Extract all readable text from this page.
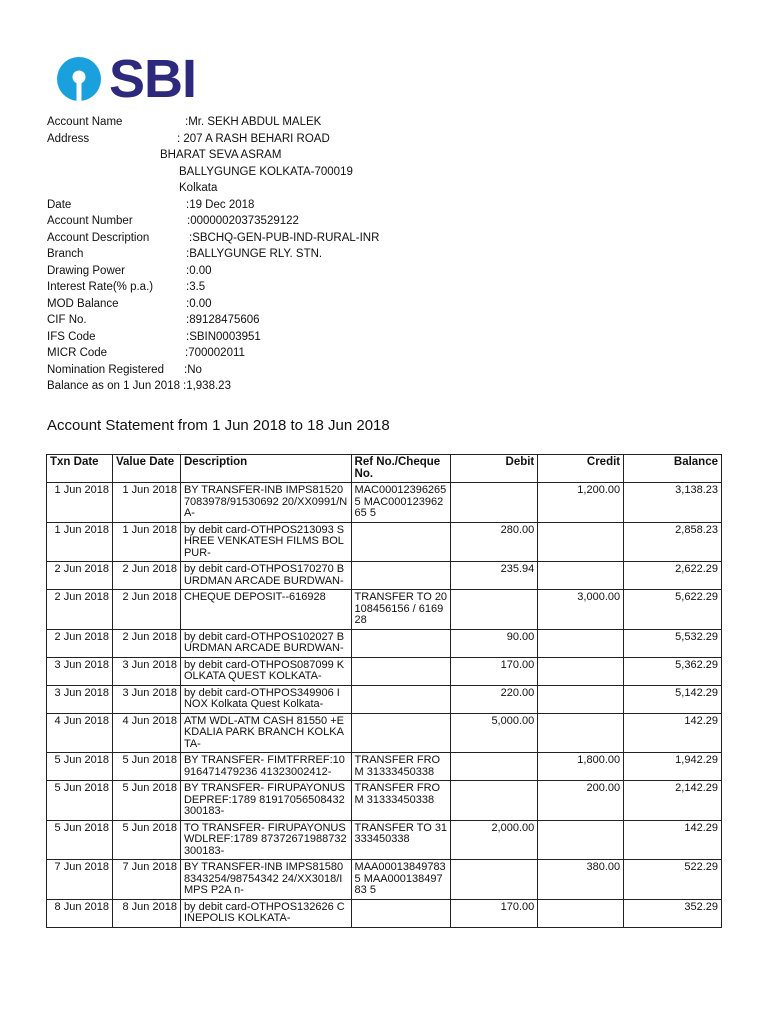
SBI
Account Name	:Mr. SEKH ABDUL MALEK
Address	: 207 A RASH BEHARI ROAD
BHARAT SEVA ASRAM
BALLYGUNGE KOLKATA-700019
Kolkata
Date	:19 Dec 2018
Account Number	:00000020373529122
Account Description	:SBCHQ-GEN-PUB-IND-RURAL-INR
Branch	:BALLYGUNGE RLY. STN.
Drawing Power	:0.00
Interest Rate(% p.a.)	:3.5
MOD Balance	:0.00
CIF No.	:89128475606
IFS Code	:SBIN0003951
MICR Code	:700002011
Nomination Registered :No
Balance as on 1 Jun 2018 :1,938.23
Account Statement from 1 Jun 2018 to 18 Jun 2018
Txn Date	Value Date	Description	Ref No./Cheque No.	Debit	Credit	Balance
1 Jun 2018	1 Jun 2018	BY TRANSFER-INB IMPS815207083978/91530692 20/XX0991/NA-	MAC00012396265 5 MAC00012396265 5		1,200.00	3,138.23
1 Jun 2018	1 Jun 2018	by debit card-OTHPOS213093 SHREE VENKATESH FILMS BOLPUR-		280.00		2,858.23
2 Jun 2018	2 Jun 2018	by debit card-OTHPOS170270 BURDMAN ARCADE BURDWAN-		235.94		2,622.29
2 Jun 2018	2 Jun 2018	CHEQUE DEPOSIT--616928	TRANSFER TO 20108456156 / 616928		3,000.00	5,622.29
2 Jun 2018	2 Jun 2018	by debit card-OTHPOS102027 BURDMAN ARCADE BURDWAN-		90.00		5,532.29
3 Jun 2018	3 Jun 2018	by debit card-OTHPOS087099 KOLKATA QUEST KOLKATA-		170.00		5,362.29
3 Jun 2018	3 Jun 2018	by debit card-OTHPOS349906 INOX Kolkata Quest Kolkata-		220.00		5,142.29
4 Jun 2018	4 Jun 2018	ATM WDL-ATM CASH 81550 +EKDALIA PARK BRANCH KOLKATA-		5,000.00		142.29
5 Jun 2018	5 Jun 2018	BY TRANSFER- FIMTFRREF:10916471479236 41323002412-	TRANSFER FROM 31333450338		1,800.00	1,942.29
5 Jun 2018	5 Jun 2018	BY TRANSFER- FIRUPAYONUSDEPREF:1789 81917056508432300183-	TRANSFER FROM 31333450338		200.00	2,142.29
5 Jun 2018	5 Jun 2018	TO TRANSFER- FIRUPAYONUSWDLREF:1789 87372671988732300183-	TRANSFER TO 31333450338	2,000.00		142.29
7 Jun 2018	7 Jun 2018	BY TRANSFER-INB IMPS815808343254/98754342 24/XX3018/IMPS P2A n-	MAA00013849783 5 MAA00013849783 5		380.00	522.29
8 Jun 2018	8 Jun 2018	by debit card-OTHPOS132626 CINEPOLIS KOLKATA-		170.00		352.29
